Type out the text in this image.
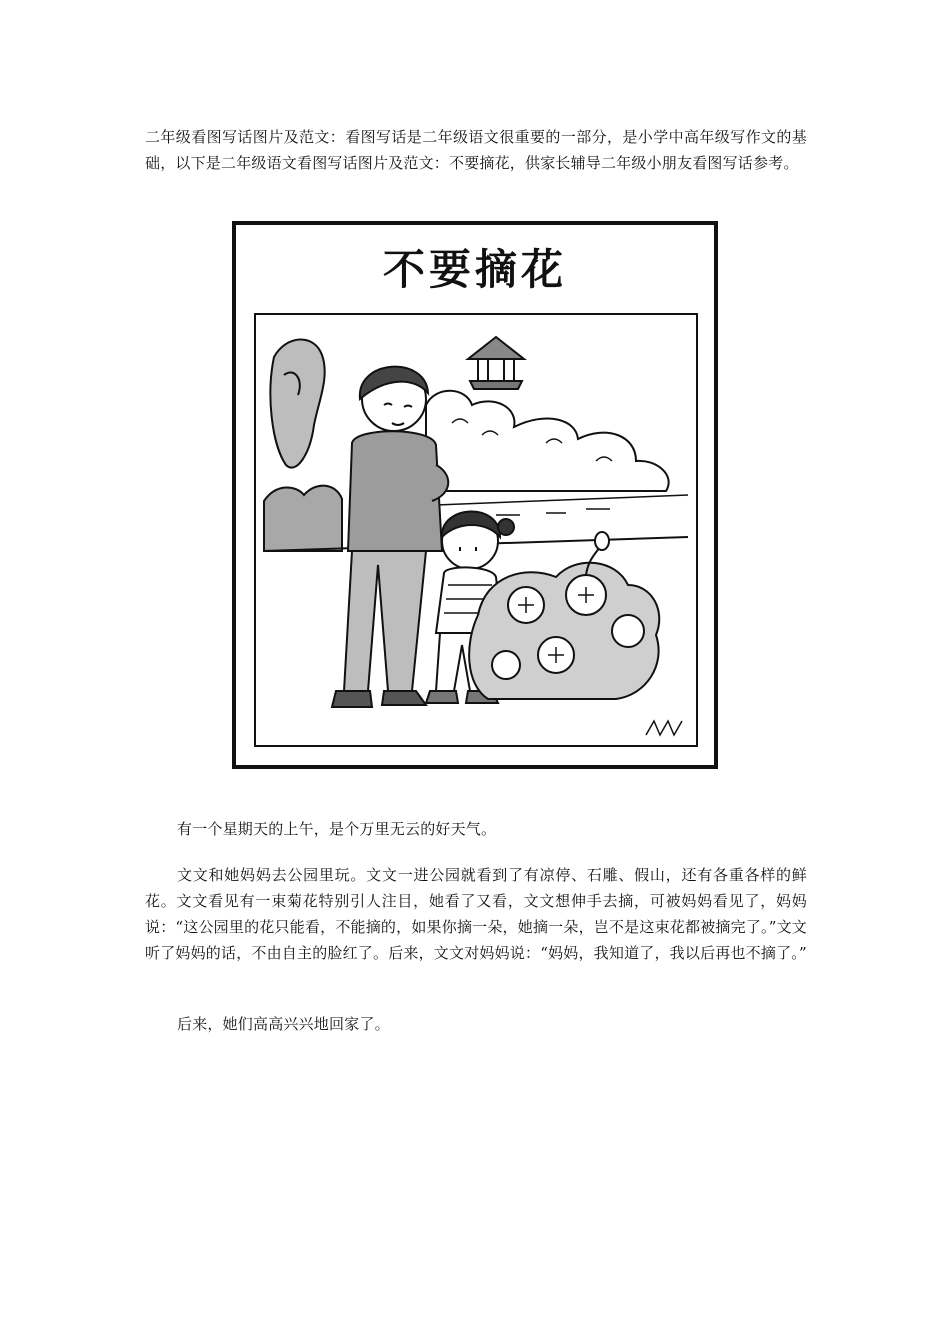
二年级看图写话图片及范文：看图写话是二年级语文很重要的一部分，是小学中高年级写作文的基础，以下是二年级语文看图写话图片及范文：不要摘花，供家长辅导二年级小朋友看图写话参考。

不要摘花

有一个星期天的上午，是个万里无云的好天气。

文文和她妈妈去公园里玩。文文一进公园就看到了有凉停、石雕、假山，还有各重各样的鲜花。文文看见有一束菊花特别引人注目，她看了又看，文文想伸手去摘，可被妈妈看见了，妈妈说：“这公园里的花只能看，不能摘的，如果你摘一朵，她摘一朵，岂不是这束花都被摘完了。”文文听了妈妈的话，不由自主的脸红了。后来，文文对妈妈说：“妈妈，我知道了，我以后再也不摘了。”

后来，她们高高兴兴地回家了。
